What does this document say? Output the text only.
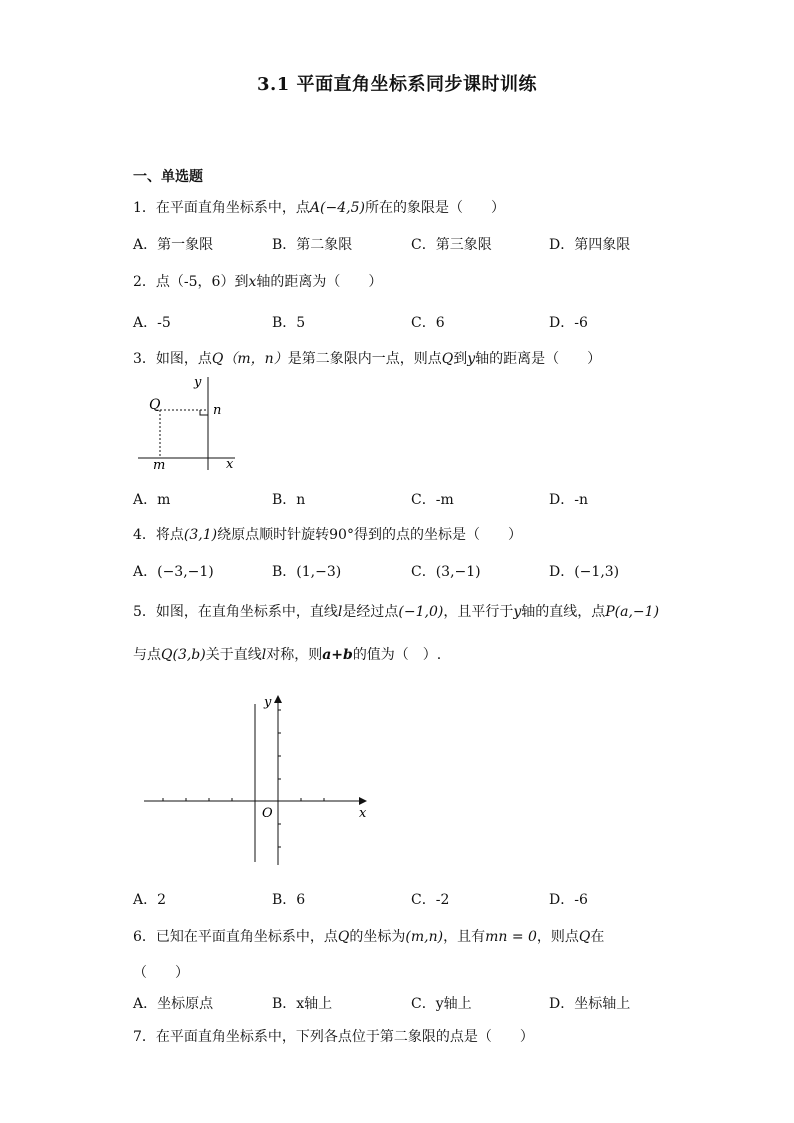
3.1 平面直角坐标系同步课时训练
一、单选题
1．在平面直角坐标系中，点A(−4,5)所在的象限是（　　）
A．第一象限	B．第二象限	C．第三象限	D．第四象限
2．点（-5，6）到x轴的距离为（　　）
A．-5	B．5	C．6	D．-6
3．如图，点Q（m，n）是第二象限内一点，则点Q到y轴的距离是（　　）
y
Q	n
m	x
A．m	B．n	C．-m	D．-n
4．将点(3,1)绕原点顺时针旋转90°得到的点的坐标是（　　）
A．(−3,−1)	B．(1,−3)	C．(3,−1)	D．(−1,3)
5．如图，在直角坐标系中，直线l是经过点(−1,0)，且平行于y轴的直线，点P(a,−1)
与点Q(3,b)关于直线l对称，则a+b的值为（　）.
y
O	x
A．2	B．6	C．-2	D．-6
6．已知在平面直角坐标系中，点Q的坐标为(m,n)，且有mn = 0，则点Q在
（　　）
A．坐标原点	B．x轴上	C．y轴上	D．坐标轴上
7．在平面直角坐标系中，下列各点位于第二象限的点是（　　）
